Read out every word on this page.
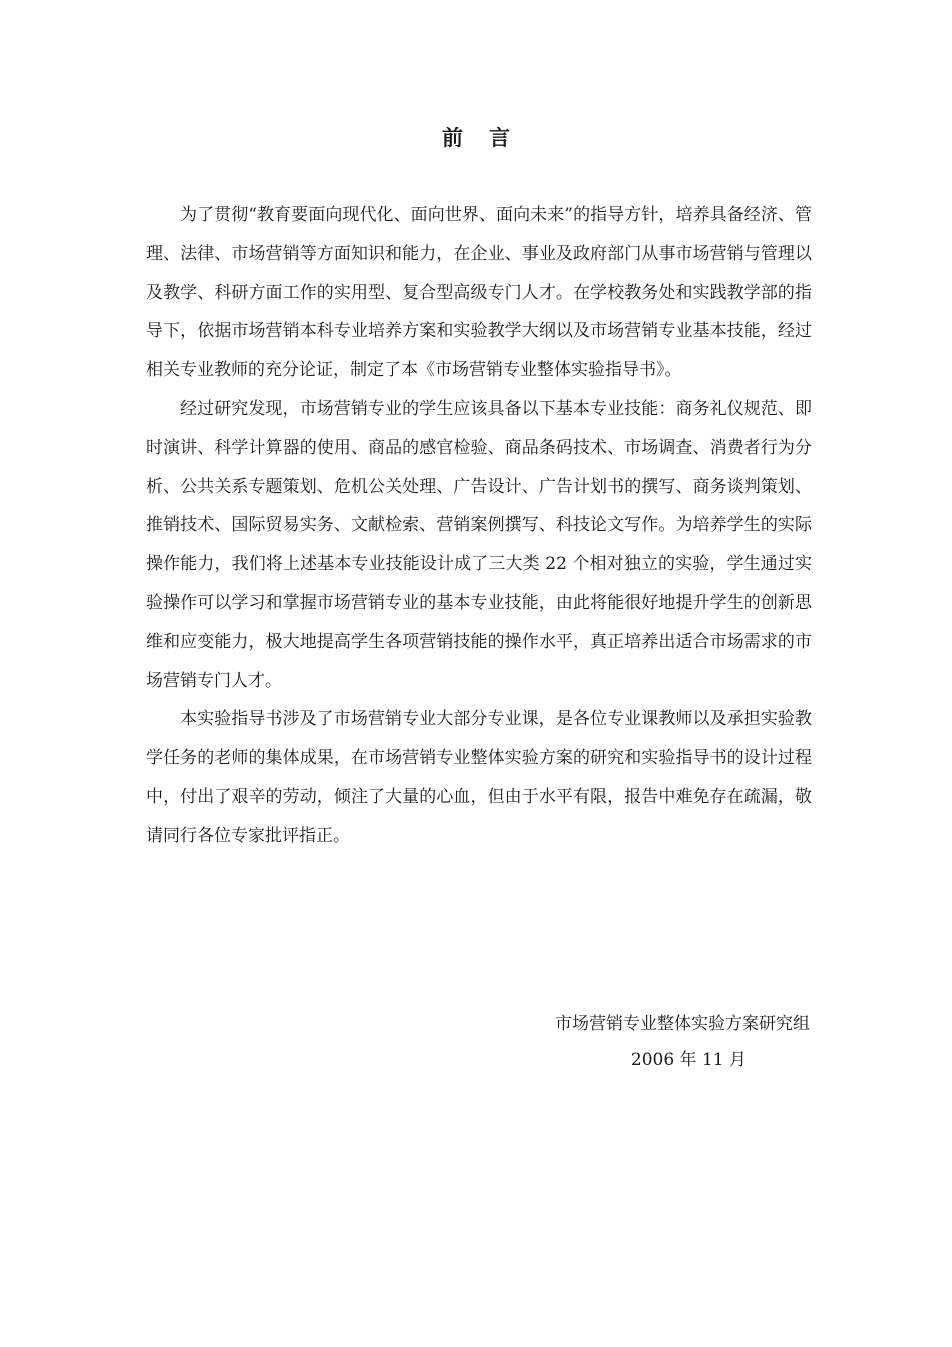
前言

为了贯彻“教育要面向现代化、面向世界、面向未来”的指导方针，培养具备经济、管理、法律、市场营销等方面知识和能力，在企业、事业及政府部门从事市场营销与管理以及教学、科研方面工作的实用型、复合型高级专门人才。在学校教务处和实践教学部的指导下，依据市场营销本科专业培养方案和实验教学大纲以及市场营销专业基本技能，经过相关专业教师的充分论证，制定了本《市场营销专业整体实验指导书》。

经过研究发现，市场营销专业的学生应该具备以下基本专业技能：商务礼仪规范、即时演讲、科学计算器的使用、商品的感官检验、商品条码技术、市场调查、消费者行为分析、公共关系专题策划、危机公关处理、广告设计、广告计划书的撰写、商务谈判策划、推销技术、国际贸易实务、文献检索、营销案例撰写、科技论文写作。为培养学生的实际操作能力，我们将上述基本专业技能设计成了三大类 22 个相对独立的实验，学生通过实验操作可以学习和掌握市场营销专业的基本专业技能，由此将能很好地提升学生的创新思维和应变能力，极大地提高学生各项营销技能的操作水平，真正培养出适合市场需求的市场营销专门人才。

本实验指导书涉及了市场营销专业大部分专业课，是各位专业课教师以及承担实验教学任务的老师的集体成果，在市场营销专业整体实验方案的研究和实验指导书的设计过程中，付出了艰辛的劳动，倾注了大量的心血，但由于水平有限，报告中难免存在疏漏，敬请同行各位专家批评指正。

市场营销专业整体实验方案研究组

2006 年 11 月
